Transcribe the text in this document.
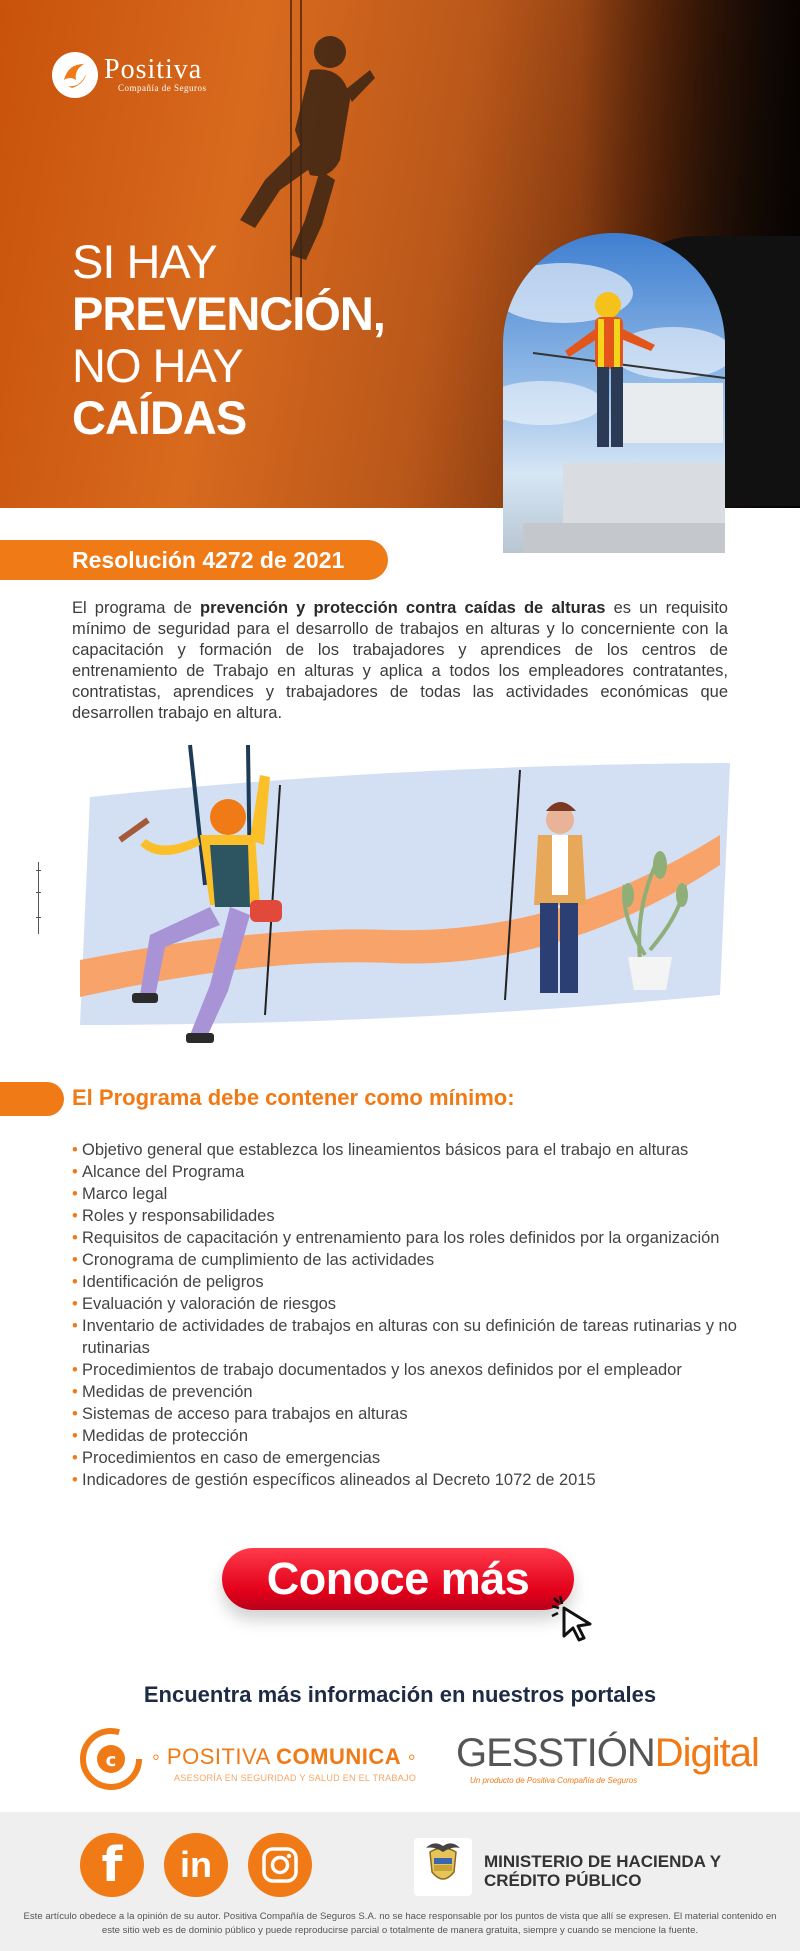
Positiva
Compañía de Seguros
SI HAY
PREVENCIÓN,
NO HAY
CAÍDAS
Resolución 4272 de 2021

El programa de prevención y protección contra caídas de alturas es un requisito mínimo de seguridad para el desarrollo de trabajos en alturas y lo concerniente con la capacitación y formación de los trabajadores y aprendices de los centros de entrenamiento de Trabajo en alturas y aplica a todos los empleadores contratantes, contratistas, aprendices y trabajadores de todas las actividades económicas que desarrollen trabajo en altura.

El Programa debe contener como mínimo:
• Objetivo general que establezca los lineamientos básicos para el trabajo en alturas
• Alcance del Programa
• Marco legal
• Roles y responsabilidades
• Requisitos de capacitación y entrenamiento para los roles definidos por la organización
• Cronograma de cumplimiento de las actividades
• Identificación de peligros
• Evaluación y valoración de riesgos
• Inventario de actividades de trabajos en alturas con su definición de tareas rutinarias y no rutinarias
• Procedimientos de trabajo documentados y los anexos definidos por el empleador
• Medidas de prevención
• Sistemas de acceso para trabajos en alturas
• Medidas de protección
• Procedimientos en caso de emergencias
• Indicadores de gestión específicos alineados al Decreto 1072 de 2015
Conoce más
Encuentra más información en nuestros portales
c ◦ POSITIVA COMUNICA ◦
ASESORÍA EN SEGURIDAD Y SALUD EN EL TRABAJO
GESSTIÓNDigital
Un producto de Positiva Compañía de Seguros
f	in	MINISTERIO DE HACIENDA Y
CRÉDITO PÚBLICO

Este artículo obedece a la opinión de su autor. Positiva Compañía de Seguros S.A. no se hace responsable por los puntos de vista que allí se expresen. El material contenido en este sitio web es de dominio público y puede reproducirse parcial o totalmente de manera gratuita, siempre y cuando se mencione la fuente.
